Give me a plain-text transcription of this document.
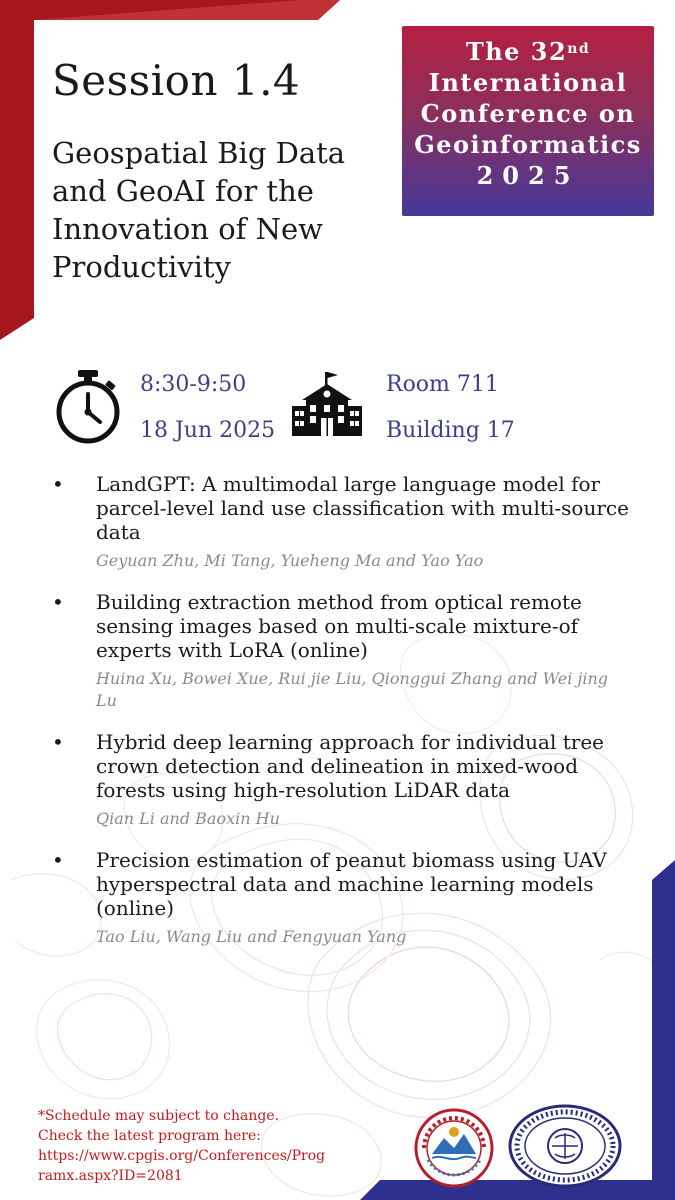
Session 1.4

Geospatial Big Data and GeoAI for the Innovation of New Productivity

The 32nd
International
Conference on
Geoinformatics
2025
8:30-9:50
18 Jun 2025
Room 711
Building 17
• LandGPT: A multimodal large language model for parcel-level land use classification with multi-source data
Geyuan Zhu, Mi Tang, Yueheng Ma and Yao Yao
• Building extraction method from optical remote sensing images based on multi-scale mixture-of experts with LoRA (online)
Huina Xu, Bowei Xue, Rui jie Liu, Qionggui Zhang and Wei jing Lu
• Hybrid deep learning approach for individual tree crown detection and delineation in mixed-wood forests using high-resolution LiDAR data
Qian Li and Baoxin Hu
• Precision estimation of peanut biomass using UAV hyperspectral data and machine learning models (online)
Tao Liu, Wang Liu and Fengyuan Yang
*Schedule may subject to change.
Check the latest program here:
https://www.cpgis.org/Conferences/Prog
ramx.aspx?ID=2081
